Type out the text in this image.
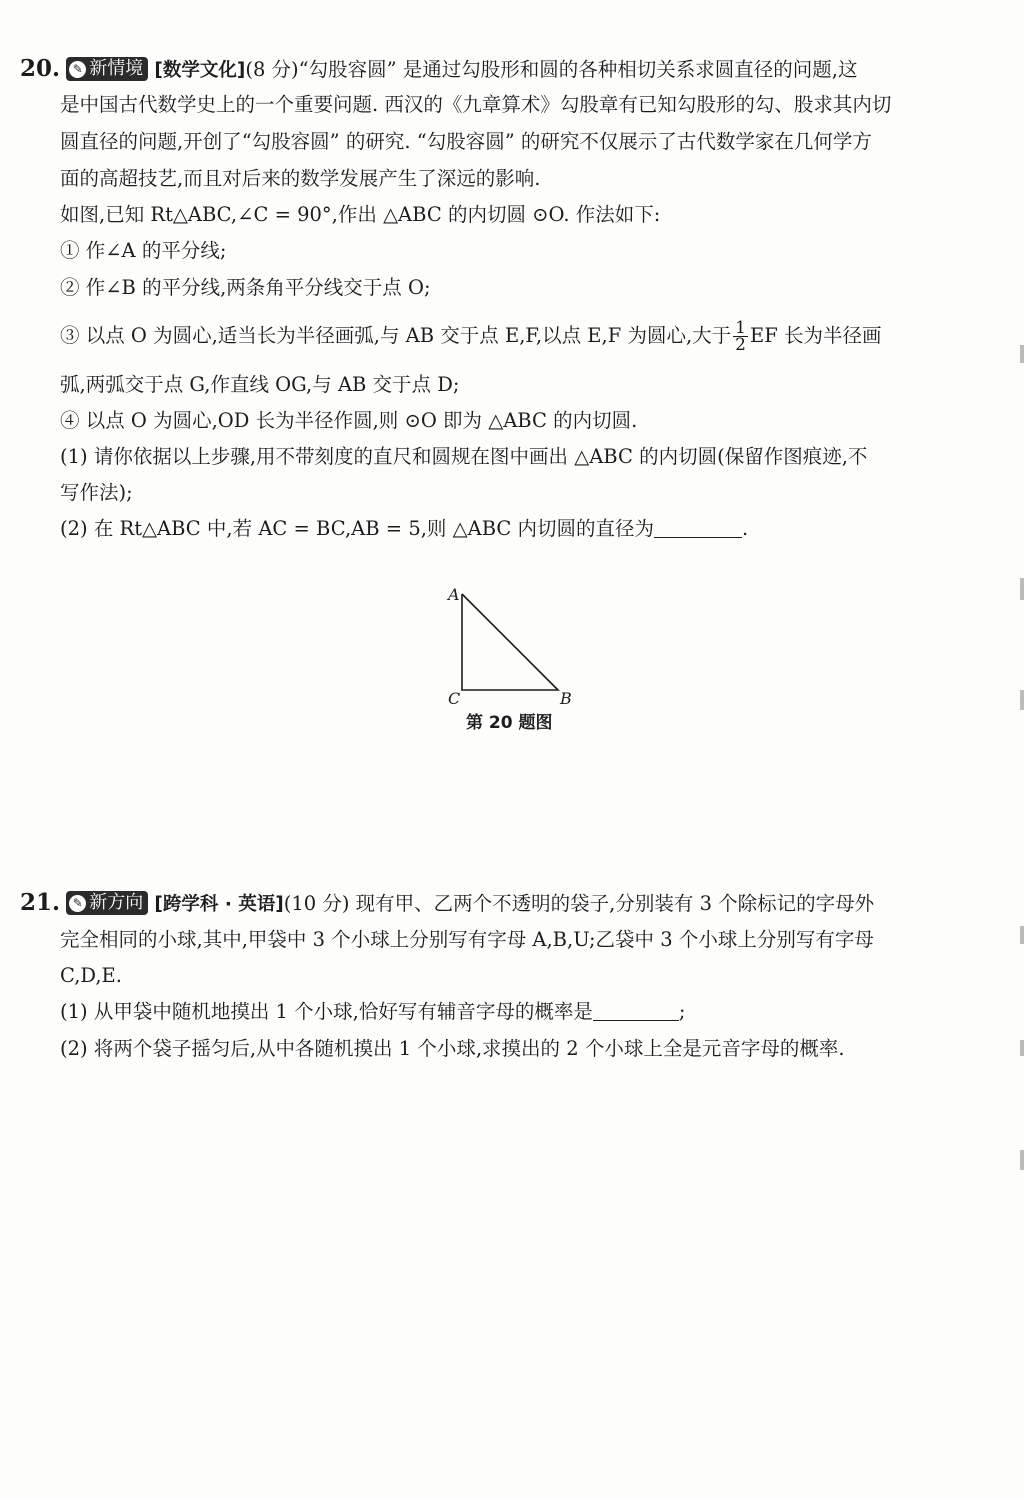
20. ✎ 新情境 [数学文化](8 分)“勾股容圆” 是通过勾股形和圆的各种相切关系求圆直径的问题,这
是中国古代数学史上的一个重要问题. 西汉的《九章算术》勾股章有已知勾股形的勾、股求其内切
圆直径的问题,开创了“勾股容圆” 的研究. “勾股容圆” 的研究不仅展示了古代数学家在几何学方
面的高超技艺,而且对后来的数学发展产生了深远的影响.
如图,已知 Rt△ABC,∠C = 90°,作出 △ABC 的内切圆 ⊙O. 作法如下:
① 作∠A 的平分线;
② 作∠B 的平分线,两条角平分线交于点 O;
③ 以点 O 为圆心,适当长为半径画弧,与 AB 交于点 E,F,以点 E,F 为圆心,大于 $\frac{1}{2}$ EF 长为半径画
弧,两弧交于点 G,作直线 OG,与 AB 交于点 D;
④ 以点 O 为圆心,OD 长为半径作圆,则 ⊙O 即为 △ABC 的内切圆.
(1) 请你依据以上步骤,用不带刻度的直尺和圆规在图中画出 △ABC 的内切圆(保留作图痕迹,不
写作法);
(2) 在 Rt△ABC 中,若 AC = BC,AB = 5,则 △ABC 内切圆的直径为	.
A
C	B
第 20 题图
21. ✎ 新方向 [跨学科 · 英语](10 分) 现有甲、乙两个不透明的袋子,分别装有 3 个除标记的字母外
完全相同的小球,其中,甲袋中 3 个小球上分别写有字母 A,B,U;乙袋中 3 个小球上分别写有字母
C,D,E.
(1) 从甲袋中随机地摸出 1 个小球,恰好写有辅音字母的概率是	;
(2) 将两个袋子摇匀后,从中各随机摸出 1 个小球,求摸出的 2 个小球上全是元音字母的概率.
